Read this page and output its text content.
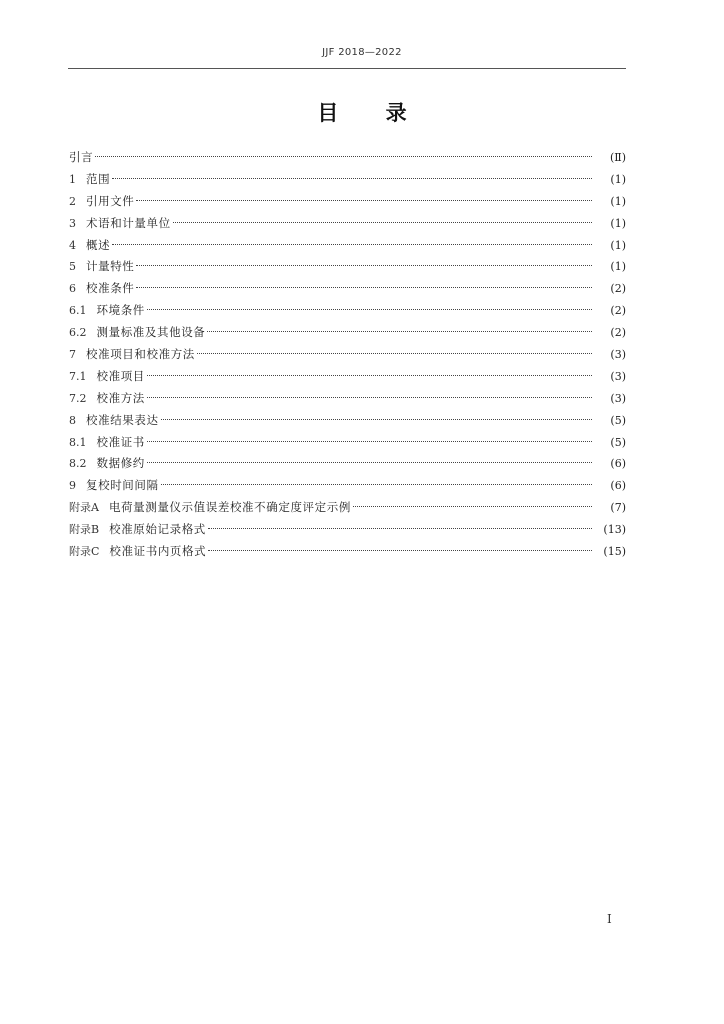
JJF 2018—2022
目 录
引言	(Ⅱ)
1 范围	(1)
2 引用文件	(1)
3 术语和计量单位	(1)
4 概述	(1)
5 计量特性	(1)
6 校准条件	(2)
6.1 环境条件	(2)
6.2 测量标准及其他设备	(2)
7 校准项目和校准方法	(3)
7.1 校准项目	(3)
7.2 校准方法	(3)
8 校准结果表达	(5)
8.1 校准证书	(5)
8.2 数据修约	(6)
9 复校时间间隔	(6)
附录A 电荷量测量仪示值误差校准不确定度评定示例	(7)
附录B 校准原始记录格式	(13)
附录C 校准证书内页格式	(15)
I
